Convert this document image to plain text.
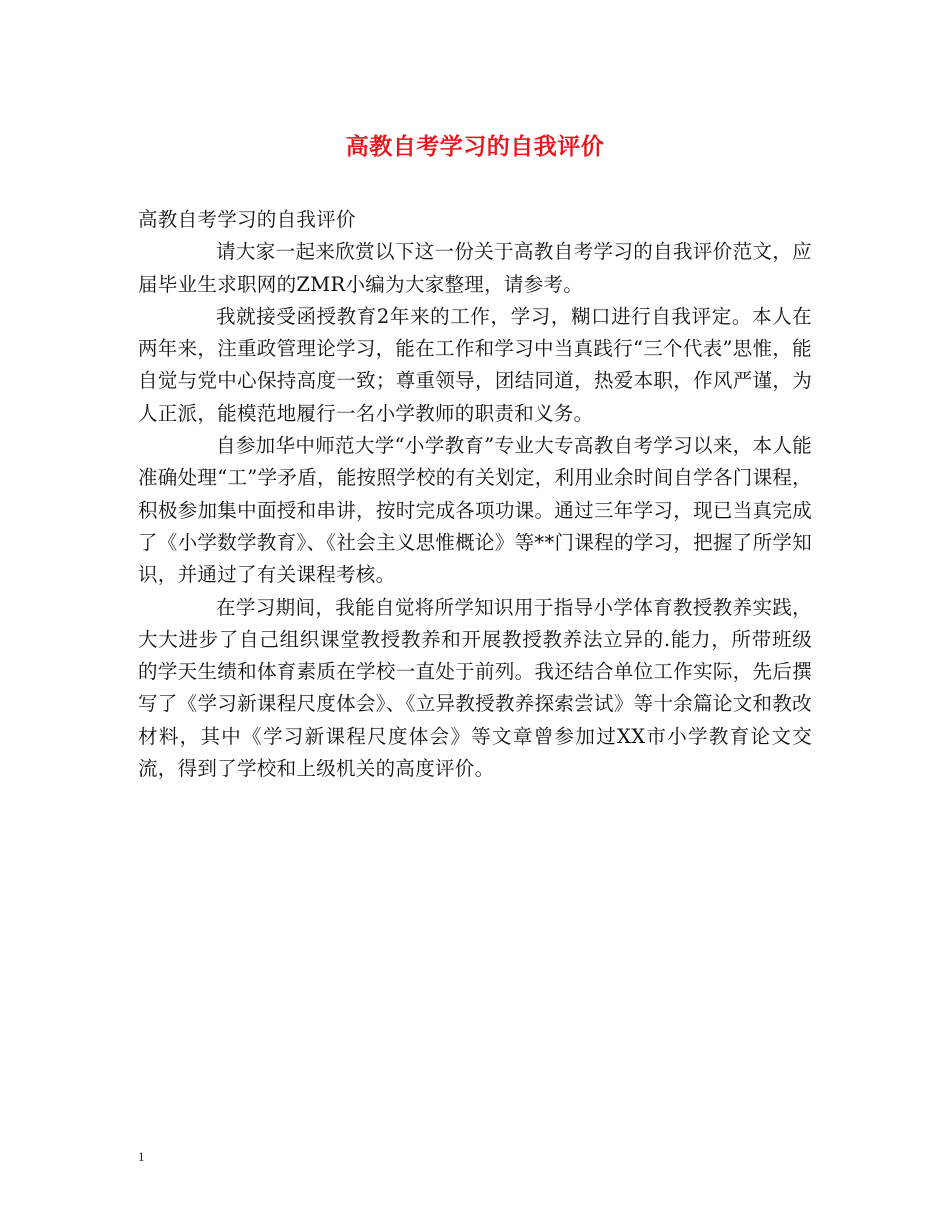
高教自考学习的自我评价

高教自考学习的自我评价

请大家一起来欣赏以下这一份关于高教自考学习的自我评价范文，应届毕业生求职网的ZMR小编为大家整理，请参考。

我就接受函授教育2年来的工作，学习，糊口进行自我评定。本人在两年来，注重政管理论学习，能在工作和学习中当真践行“三个代表”思惟，能自觉与党中心保持高度一致；尊重领导，团结同道，热爱本职，作风严谨，为人正派，能模范地履行一名小学教师的职责和义务。

自参加华中师范大学“小学教育”专业大专高教自考学习以来，本人能准确处理“工”学矛盾，能按照学校的有关划定，利用业余时间自学各门课程，积极参加集中面授和串讲，按时完成各项功课。通过三年学习，现已当真完成了《小学数学教育》、《社会主义思惟概论》等**门课程的学习，把握了所学知识，并通过了有关课程考核。

在学习期间，我能自觉将所学知识用于指导小学体育教授教养实践，大大进步了自己组织课堂教授教养和开展教授教养法立异的.能力，所带班级的学天生绩和体育素质在学校一直处于前列。我还结合单位工作实际，先后撰写了《学习新课程尺度体会》、《立异教授教养探索尝试》等十余篇论文和教改材料，其中《学习新课程尺度体会》等文章曾参加过XX市小学教育论文交流，得到了学校和上级机关的高度评价。

1
